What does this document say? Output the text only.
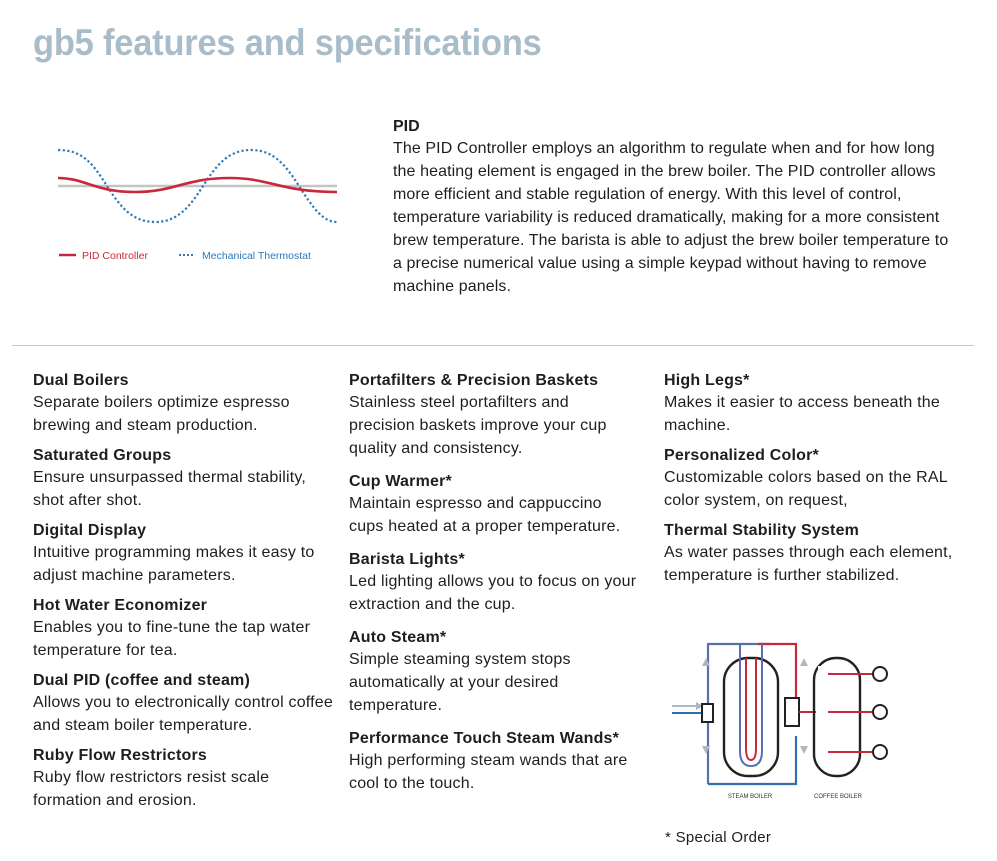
gb5 features and specifications
PID Controller	Mechanical Thermostat
PID
The PID Controller employs an algorithm to regulate when and for how long the heating element is engaged in the brew boiler. The PID controller allows more efficient and stable regulation of energy. With this level of control, temperature variability is reduced dramatically, making for a more consistent brew temperature. The barista is able to adjust the brew boiler temperature to a precise numerical value using a simple keypad without having to remove machine panels.
Dual Boilers
Separate boilers optimize espresso brewing and steam production.
Saturated Groups
Ensure unsurpassed thermal stability, shot after shot.
Digital Display
Intuitive programming makes it easy to adjust machine parameters.
Hot Water Economizer
Enables you to fine-tune the tap water temperature for tea.
Dual PID (coffee and steam)
Allows you to electronically control coffee and steam boiler temperature.
Ruby Flow Restrictors
Ruby flow restrictors resist scale formation and erosion.
Portafilters & Precision Baskets
Stainless steel portafilters and precision baskets improve your cup quality and consistency.
Cup Warmer*
Maintain espresso and cappuccino cups heated at a proper temperature.
Barista Lights*
Led lighting allows you to focus on your extraction and the cup.
Auto Steam*
Simple steaming system stops automatically at your desired temperature.
Performance Touch Steam Wands*
High performing steam wands that are cool to the touch.
High Legs*
Makes it easier to access beneath the machine.
Personalized Color*
Customizable colors based on the RAL color system, on request,
Thermal Stability System
As water passes through each element, temperature is further stabilized.
STEAM BOILER	COFFEE BOILER
* Special Order
